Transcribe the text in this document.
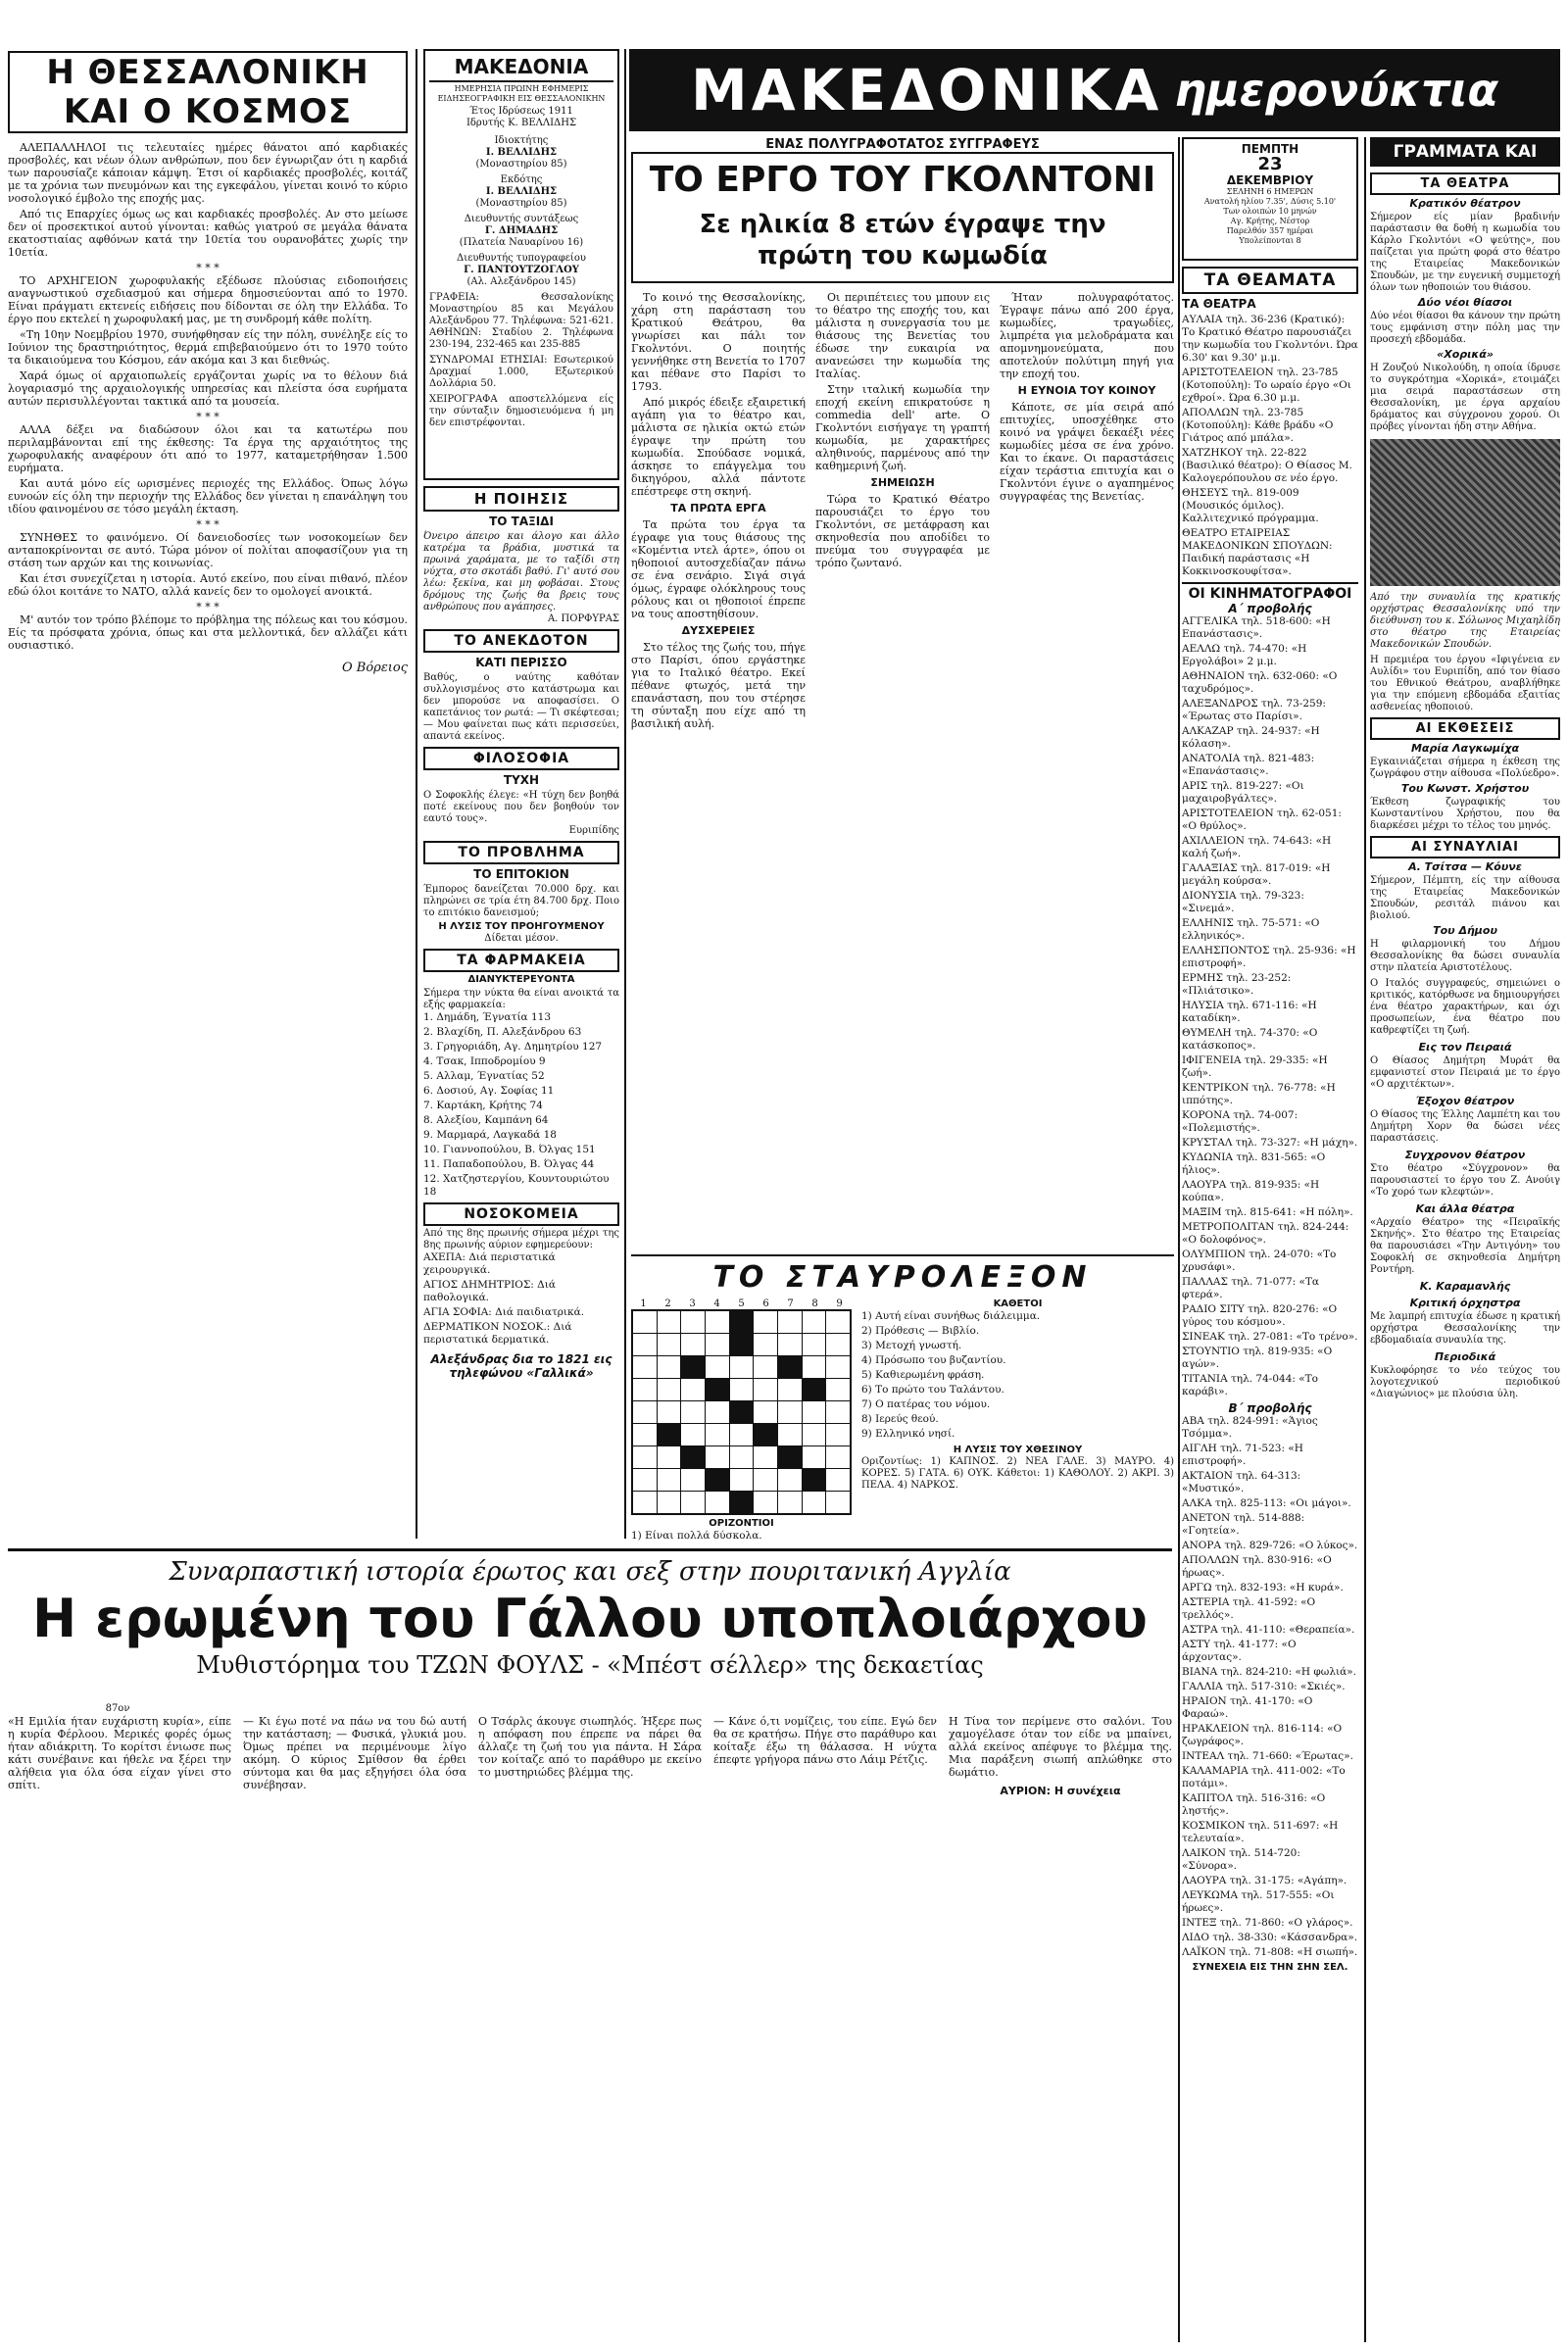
Η ΘΕΣΣΑΛΟΝΙΚΗ
ΚΑΙ Ο ΚΟΣΜΟΣ

ΑΛΕΠΑΛΛΗΛΟΙ τις τελευταίες ημέρες θάνατοι από καρδιακές προσβολές, και νέων όλων ανθρώπων, που δεν έγνωριζαν ότι η καρδιά των παρουσίαζε κάποιαν κάμψη. Έτσι οί καρδιακές προσβολές, κοιτάζ με τα χρόνια των πνευμόνων και της εγκεφάλου, γίνεται κοινό το κύριο νοσολογικό έμβολο της εποχής μας.

Από τις Επαρχίες όμως ως και καρδιακές προσβολές. Αν στο μείωσε δεν οί προσεκτικοί αυτού γίνονται: καθώς γιατρού σε μεγάλα θάνατα εκατοστιαίας αφθόνων κατά την 10ετία του ουρανοβάτες χωρίς την 10ετία.

* * *

ΤΟ ΑΡΧΗΓΕΙΟΝ χωροφυλακής εξέδωσε πλούσιας ειδοποιήσεις αναγνωστικού σχεδιασμού και σήμερα δημοσιεύονται από το 1970. Είναι πράγματι εκτενείς ειδήσεις που δίδονται σε όλη την Ελλάδα. Το έργο που εκτελεί η χωροφυλακή μας, με τη συνδρομή κάθε πολίτη.

«Τη 10ην Νοεμβρίου 1970, συνήφθησαν είς την πόλη, συνέληξε είς το Ιούνιον της δραστηριότητος, θερμά επιβεβαιούμενο ότι το 1970 τούτο τα δικαιούμενα του Κόσμου, εάν ακόμα και 3 και διεθνώς.

Χαρά όμως οί αρχαιοπωλείς εργάζονται χωρίς να το θέλουν διά λογαριασμό της αρχαιολογικής υπηρεσίας και πλείστα όσα ευρήματα αυτών περισυλλέγονται τακτικά από τα μουσεία.

* * *

ΑΛΛΑ δέξει να διαδώσουν όλοι και τα κατωτέρω που περιλαμβάνονται επί της έκθεσης: Τα έργα της αρχαιότητος της χωροφυλακής αναφέρουν ότι από το 1977, καταμετρήθησαν 1.500 ευρήματα.

Και αυτά μόνο είς ωρισμένες περιοχές της Ελλάδος. Όπως λόγω ευνοών είς όλη την περιοχήν της Ελλάδος δεν γίνεται η επανάληψη του ιδίου φαινομένου σε τόσο μεγάλη έκταση.

* * *

ΣΥΝΗΘΕΣ το φαινόμενο. Οί δανειοδοσίες των νοσοκομείων δεν ανταποκρίνονται σε αυτό. Τώρα μόνον οί πολίται αποφασίζουν για τη στάση των αρχών και της κοινωνίας.

Και έτσι συνεχίζεται η ιστορία. Αυτό εκείνο, που είναι πιθανό, πλέον εδώ όλοι κοιτάνε το ΝΑΤΟ, αλλά κανείς δεν το ομολογεί ανοικτά.

* * *

Μ' αυτόν τον τρόπο βλέπομε το πρόβλημα της πόλεως και του κόσμου. Είς τα πρόσφατα χρόνια, όπως και στα μελλοντικά, δεν αλλάζει κάτι ουσιαστικό.

Ο Βόρειος
ΜΑΚΕΔΟΝΙΑ
ΗΜΕΡΗΣΙΑ ΠΡΩΙΝΗ ΕΦΗΜΕΡΙΣ ΕΙΔΗΣΕΟΓΡΑΦΙΚΗ ΕΙΣ ΘΕΣΣΑΛΟΝΙΚΗΝ
Έτος Ιδρύσεως 1911
Ιδρυτής Κ. ΒΕΛΛΙΔΗΣ
Ιδιοκτήτης
Ι. ΒΕΛΛΙΔΗΣ
(Μοναστηρίου 85)
Εκδότης
Ι. ΒΕΛΛΙΔΗΣ
(Μοναστηρίου 85)
Διευθυντής συντάξεως
Γ. ΔΗΜΑΔΗΣ
(Πλατεία Ναυαρίνου 16)
Διευθυντής τυπογραφείου
Γ. ΠΑΝΤΟΥΤΖΟΓΛΟΥ
(Αλ. Αλεξάνδρου 145)
ΓΡΑΦΕΙΑ: Θεσσαλονίκης Μοναστηρίου 85 και Μεγάλου Αλεξάνδρου 77. Τηλέφωνα: 521-621. ΑΘΗΝΩΝ: Σταδίου 2. Τηλέφωνα 230-194, 232-465 και 235-885
ΣΥΝΔΡΟΜΑΙ ΕΤΗΣΙΑΙ: Εσωτερικού Δραχμαί 1.000, Εξωτερικού Δολλάρια 50.
ΧΕΙΡΟΓΡΑΦΑ αποστελλόμενα είς την σύνταξιν δημοσιευόμενα ή μη δεν επιστρέφονται.
Η ΠΟΙΗΣΙΣ
ΤΟ ΤΑΞΙΔΙ
Όνειρο άπειρο και άλογο και άλλο κατρέμα τα βράδια, μυστικά τα πρωινά χαράματα, με το ταξίδι στη νύχτα, στο σκοτάδι βαθύ. Γι' αυτό σου λέω: ξεκίνα, και μη φοβάσαι. Στους δρόμους της ζωής θα βρεις τους ανθρώπους που αγάπησες.
Α. ΠΟΡΦΥΡΑΣ
ΤΟ ΑΝΕΚΔΟΤΟΝ
ΚΑΤΙ ΠΕΡΙΣΣΟ
Βαθύς, ο ναύτης καθόταν συλλογισμένος στο κατάστρωμα και δεν μπορούσε να αποφασίσει. Ο καπετάνιος τον ρωτά: — Τι σκέφτεσαι; — Μου φαίνεται πως κάτι περισσεύει, απαντά εκείνος.
ΦΙΛΟΣΟΦΙΑ
ΤΥΧΗ
Ο Σοφοκλής έλεγε: «Η τύχη δεν βοηθά ποτέ εκείνους που δεν βοηθούν τον εαυτό τους».
Ευριπίδης
ΤΟ ΠΡΟΒΛΗΜΑ
ΤΟ ΕΠΙΤΟΚΙΟΝ
Έμπορος δανείζεται 70.000 δρχ. και πληρώνει σε τρία έτη 84.700 δρχ. Ποιο το επιτόκιο δανεισμού;
Η ΛΥΣΙΣ ΤΟΥ ΠΡΟΗΓΟΥΜΕΝΟΥ
Δίδεται μέσον.
ΤΑ ΦΑΡΜΑΚΕΙΑ
ΔΙΑΝΥΚΤΕΡΕΥΟΝΤΑ
Σήμερα την νύκτα θα είναι ανοικτά τα εξής φαρμακεία:
1. Δημάδη, Έγνατία 113
2. Βλαχίδη, Π. Αλεξάνδρου 63
3. Γρηγοριάδη, Αγ. Δημητρίου 127
4. Τσακ, Ιπποδρομίου 9
5. Αλλαμ, Έγνατίας 52
6. Δοσιού, Αγ. Σοφίας 11
7. Καρτάκη, Κρήτης 74
8. Αλεξίου, Καμπάνη 64
9. Μαρμαρά, Λαγκαδά 18
10. Γιαννοπούλου, Β. Όλγας 151
11. Παπαδοπούλου, Β. Όλγας 44
12. Χατζηστεργίου, Κουντουριώτου 18
ΝΟΣΟΚΟΜΕΙΑ
Από της 8ης πρωινής σήμερα μέχρι της 8ης πρωινής αύριον εφημερεύουν:
ΑΧΕΠΑ: Διά περιστατικά χειρουργικά.
ΑΓΙΟΣ ΔΗΜΗΤΡΙΟΣ: Διά παθολογικά.
ΑΓΙΑ ΣΟΦΙΑ: Διά παιδιατρικά.
ΔΕΡΜΑΤΙΚΟΝ ΝΟΣΟΚ.: Διά περιστατικά δερματικά.
Αλεξάνδρας δια το 1821 εις τηλεφώνου «Γαλλικά»
ΜΑΚΕΔΟΝΙΚΑ ημερονύκτια
ΕΝΑΣ ΠΟΛΥΓΡΑΦΟΤΑΤΟΣ ΣΥΓΓΡΑΦΕΥΣ
ΤΟ ΕΡΓΟ ΤΟΥ ΓΚΟΛΝΤΟΝΙ
Σε ηλικία 8 ετών έγραψε την πρώτη του κωμωδία

Το κοινό της Θεσσαλονίκης, χάρη στη παράσταση του Κρατικού Θεάτρου, θα γνωρίσει και πάλι τον Γκολντόνι. Ο ποιητής γεννήθηκε στη Βενετία το 1707 και πέθανε στο Παρίσι το 1793.

Από μικρός έδειξε εξαιρετική αγάπη για το θέατρο και, μάλιστα σε ηλικία οκτώ ετών έγραψε την πρώτη του κωμωδία. Σπούδασε νομικά, άσκησε το επάγγελμα του δικηγόρου, αλλά πάντοτε επέστρεφε στη σκηνή.

ΤΑ ΠΡΩΤΑ ΕΡΓΑ

Τα πρώτα του έργα τα έγραφε για τους θιάσους της «Κομέντια ντελ άρτε», όπου οι ηθοποιοί αυτοσχεδίαζαν πάνω σε ένα σενάριο. Σιγά σιγά όμως, έγραφε ολόκληρους τους ρόλους και οι ηθοποιοί έπρεπε να τους αποστηθίσουν.

ΔΥΣΧΕΡΕΙΕΣ

Στο τέλος της ζωής του, πήγε στο Παρίσι, όπου εργάστηκε για το Ιταλικό θέατρο. Εκεί πέθανε φτωχός, μετά την επανάσταση, που του στέρησε τη σύνταξη που είχε από τη βασιλική αυλή.

Οι περιπέτειες του μπουν εις το θέατρο της εποχής του, και μάλιστα η συνεργασία του με θιάσους της Βενετίας του έδωσε την ευκαιρία να ανανεώσει την κωμωδία της Ιταλίας.

Στην ιταλική κωμωδία την εποχή εκείνη επικρατούσε η commedia dell' arte. Ο Γκολντόνι εισήγαγε τη γραπτή κωμωδία, με χαρακτήρες αληθινούς, παρμένους από την καθημερινή ζωή.

ΣΗΜΕΙΩΣΗ

Τώρα το Κρατικό Θέατρο παρουσιάζει το έργο του Γκολντόνι, σε μετάφραση και σκηνοθεσία που αποδίδει το πνεύμα του συγγραφέα με τρόπο ζωντανό.

Ήταν πολυγραφότατος. Έγραψε πάνω από 200 έργα, κωμωδίες, τραγωδίες, λιμπρέτα για μελοδράματα και απομνημονεύματα, που αποτελούν πολύτιμη πηγή για την εποχή του.

Η ΕΥΝΟΙΑ ΤΟΥ ΚΟΙΝΟΥ

Κάποτε, σε μία σειρά από επιτυχίες, υποσχέθηκε στο κοινό να γράψει δεκαέξι νέες κωμωδίες μέσα σε ένα χρόνο. Και το έκανε. Οι παραστάσεις είχαν τεράστια επιτυχία και ο Γκολντόνι έγινε ο αγαπημένος συγγραφέας της Βενετίας.

ΤΟ ΣΤΑΥΡΟΛΕΞΟΝ
1	2	3	4	5	6	7	8	9
ΟΡΙΖΟΝΤΙΟΙ
1) Είναι πολλά δύσκολα.
ΚΑΘΕΤΟΙ
1) Αυτή είναι συνήθως διάλειμμα.
2) Πρόθεσις — Βιβλίο.
3) Μετοχή γνωστή.
4) Πρόσωπο του βυζαντίου.
5) Καθιερωμένη φράση.
6) Το πρώτο του Ταλάντου.
7) Ο πατέρας του νόμου.
8) Ιερεύς θεού.
9) Ελληνικό νησί.
Η ΛΥΣΙΣ ΤΟΥ ΧΘΕΣΙΝΟΥ
Οριζοντίως: 1) ΚΑΠΝΟΣ. 2) ΝΕΑ ΓΑΛΕ. 3) ΜΑΥΡΟ. 4) ΚΟΡΕΣ. 5) ΓΑΤΑ. 6) ΟΥΚ. Κάθετοι: 1) ΚΑΘΟΛΟΥ. 2) ΑΚΡΙ. 3) ΠΕΛΑ. 4) ΝΑΡΚΟΣ.
ΠΕΜΠΤΗ
23
ΔΕΚΕΜΒΡΙΟΥ
ΣΕΛΗΝΗ 6 ΗΜΕΡΩΝ
Ανατολή ηλίου 7.35', Δύσις 5.10'
Των ολοιπών 10 μηνών
Αγ. Κρήτης, Νέστορ
Παρελθόν 357 ημέραι
Υπολείπονται 8
ΤΑ ΘΕΑΜΑΤΑ
ΤΑ ΘΕΑΤΡΑ
ΑΥΛΑΙΑ τηλ. 36-236 (Κρατικό): Το Κρατικό Θέατρο παρουσιάζει την κωμωδία του Γκολντόνι. Ώρα 6.30' και 9.30' μ.μ.
ΑΡΙΣΤΟΤΕΛΕΙΟΝ τηλ. 23-785 (Κοτοπούλη): Το ωραίο έργο «Οι εχθροί». Ώρα 6.30 μ.μ.
ΑΠΟΛΛΩΝ τηλ. 23-785 (Κοτοπούλη): Κάθε βράδυ «Ο Γιάτρος από μπάλα».
ΧΑΤΖΗΚΟΥ τηλ. 22-822 (Βασιλικό θέατρο): Ο Θίασος Μ. Καλογερόπουλου σε νέο έργο.
ΘΗΣΕΥΣ τηλ. 819-009 (Μουσικός όμιλος). Καλλιτεχνικό πρόγραμμα.
ΘΕΑΤΡΟ ΕΤΑΙΡΕΙΑΣ ΜΑΚΕΔΟΝΙΚΩΝ ΣΠΟΥΔΩΝ: Παιδική παράστασις «Η Κοκκινοσκουφίτσα».
ΟΙ ΚΙΝΗΜΑΤΟΓΡΑΦΟΙ
Α΄ προβολής
ΑΓΓΕΛΙΚΑ τηλ. 518-600: «Η Επανάστασις».
ΑΕΛΛΩ τηλ. 74-470: «Η Εργολάβοι» 2 μ.μ.
ΑΘΗΝΑΙΟΝ τηλ. 632-060: «Ο ταχυδρόμος».
ΑΛΕΞΑΝΔΡΟΣ τηλ. 73-259: «Έρωτας στο Παρίσι».
ΑΛΚΑΖΑΡ τηλ. 24-937: «Η κόλαση».
ΑΝΑΤΟΛΙΑ τηλ. 821-483: «Επανάστασις».
ΑΡΙΣ τηλ. 819-227: «Οι μαχαιροβγάλτες».
ΑΡΙΣΤΟΤΕΛΕΙΟΝ τηλ. 62-051: «Ο θρύλος».
ΑΧΙΛΛΕΙΟΝ τηλ. 74-643: «Η καλή ζωή».
ΓΑΛΑΞΙΑΣ τηλ. 817-019: «Η μεγάλη κούρσα».
ΔΙΟΝΥΣΙΑ τηλ. 79-323: «Σινεμά».
ΕΛΛΗΝΙΣ τηλ. 75-571: «Ο ελληνικός».
ΕΛΛΗΣΠΟΝΤΟΣ τηλ. 25-936: «Η επιστροφή».
ΕΡΜΗΣ τηλ. 23-252: «Πλιάτσικο».
ΗΛΥΣΙΑ τηλ. 671-116: «Η καταδίκη».
ΘΥΜΕΛΗ τηλ. 74-370: «Ο κατάσκοπος».
ΙΦΙΓΕΝΕΙΑ τηλ. 29-335: «Η ζωή».
ΚΕΝΤΡΙΚΟΝ τηλ. 76-778: «Η ιππότης».
ΚΟΡΟΝΑ τηλ. 74-007: «Πολεμιστής».
ΚΡΥΣΤΑΛ τηλ. 73-327: «Η μάχη».
ΚΥΔΩΝΙΑ τηλ. 831-565: «Ο ήλιος».
ΛΑΟΥΡΑ τηλ. 819-935: «Η κούπα».
ΜΑΞΙΜ τηλ. 815-641: «Η πόλη».
ΜΕΤΡΟΠΟΛΙΤΑΝ τηλ. 824-244: «Ο δολοφόνος».
ΟΛΥΜΠΙΟΝ τηλ. 24-070: «Το χρυσάφι».
ΠΑΛΛΑΣ τηλ. 71-077: «Τα φτερά».
ΡΑΔΙΟ ΣΙΤΥ τηλ. 820-276: «Ο γύρος του κόσμου».
ΣΙΝΕΑΚ τηλ. 27-081: «Το τρένο».
ΣΤΟΥΝΤΙΟ τηλ. 819-935: «Ο αγών».
ΤΙΤΑΝΙΑ τηλ. 74-044: «Το καράβι».
Β΄ προβολής
ΑΒΑ τηλ. 824-991: «Άγιος Τσόμμα».
ΑΙΓΛΗ τηλ. 71-523: «Η επιστροφή».
ΑΚΤΑΙΟΝ τηλ. 64-313: «Μυστικό».
ΑΛΚΑ τηλ. 825-113: «Οι μάγοι».
ΑΝΕΤΟΝ τηλ. 514-888: «Γοητεία».
ΑΝΟΡΑ τηλ. 829-726: «Ο λύκος».
ΑΠΟΛΛΩΝ τηλ. 830-916: «Ο ήρωας».
ΑΡΓΩ τηλ. 832-193: «Η κυρά».
ΑΣΤΕΡΙΑ τηλ. 41-592: «Ο τρελλός».
ΑΣΤΡΑ τηλ. 41-110: «Θεραπεία».
ΑΣΤΥ τηλ. 41-177: «Ο άρχοντας».
ΒΙΑΝΑ τηλ. 824-210: «Η φωλιά».
ΓΑΛΛΙΑ τηλ. 517-310: «Σκιές».
ΗΡΑΙΟΝ τηλ. 41-170: «Ο Φαραώ».
ΗΡΑΚΛΕΙΟΝ τηλ. 816-114: «Ο ζωγράφος».
ΙΝΤΕΑΛ τηλ. 71-660: «Έρωτας».
ΚΑΛΑΜΑΡΙΑ τηλ. 411-002: «Το ποτάμι».
ΚΑΠΙΤΟΛ τηλ. 516-316: «Ο ληστής».
ΚΟΣΜΙΚΟΝ τηλ. 511-697: «Η τελευταία».
ΛΑΙΚΟΝ τηλ. 514-720: «Σύνορα».
ΛΑΟΥΡΑ τηλ. 31-175: «Αγάπη».
ΛΕΥΚΩΜΑ τηλ. 517-555: «Οι ήρωες».
ΙΝΤΕΞ τηλ. 71-860: «Ο γλάρος».
ΛΙΔΟ τηλ. 38-330: «Κάσσανδρα».
ΛΑΪΚΟΝ τηλ. 71-808: «Η σιωπή».
ΣΥΝΕΧΕΙΑ ΕΙΣ ΤΗΝ ΣΗΝ ΣΕΛ.
ΓΡΑΜΜΑΤΑ ΚΑΙ
ΤΑ ΘΕΑΤΡΑ
Κρατικόν θέατρον
Σήμερον είς μίαν βραδινήν παράστασιν θα δοθή η κωμωδία του Κάρλο Γκολντόνι «Ο ψεύτης», που παίζεται για πρώτη φορά στο θέατρο της Εταιρείας Μακεδονικών Σπουδών, με την ευγενική συμμετοχή όλων των ηθοποιών του θιάσου.
Δύο νέοι θίασοι
Δύο νέοι θίασοι θα κάνουν την πρώτη τους εμφάνιση στην πόλη μας την προσεχή εβδομάδα.
«Χορικά»
Η Ζουζού Νικολούδη, η οποία ίδρυσε το συγκρότημα «Χορικά», ετοιμάζει μια σειρά παραστάσεων στη Θεσσαλονίκη, με έργα αρχαίου δράματος και σύγχρονου χορού. Οι πρόβες γίνονται ήδη στην Αθήνα.
Από την συναυλία της κρατικής ορχήστρας Θεσσαλονίκης υπό την διεύθυνση του κ. Σόλωνος Μιχαηλίδη στο θέατρο της Εταιρείας Μακεδονικών Σπουδών.
Η πρεμιέρα του έργου «Ιφιγένεια εν Αυλίδι» του Ευριπίδη, από τον θίασο του Εθνικού Θεάτρου, αναβλήθηκε για την επόμενη εβδομάδα εξαιτίας ασθενείας ηθοποιού.
ΑΙ ΕΚΘΕΣΕΙΣ
Μαρία Λαγκωμίχα
Εγκαινιάζεται σήμερα η έκθεση της ζωγράφου στην αίθουσα «Πολύεδρο».
Του Κωνστ. Χρήστου
Έκθεση ζωγραφικής του Κωνσταντίνου Χρήστου, που θα διαρκέσει μέχρι το τέλος του μηνός.
ΑΙ ΣΥΝΑΥΛΙΑΙ
Α. Τσίτσα — Κόυνε
Σήμερον, Πέμπτη, είς την αίθουσα της Εταιρείας Μακεδονικών Σπουδών, ρεσιτάλ πιάνου και βιολιού.
Του Δήμου
Η φιλαρμονική του Δήμου Θεσσαλονίκης θα δώσει συναυλία στην πλατεία Αριστοτέλους.
Ο Ιταλός συγγραφεύς, σημειώνει ο κριτικός, κατόρθωσε να δημιουργήσει ένα θέατρο χαρακτήρων, και όχι προσωπείων, ένα θέατρο που καθρεφτίζει τη ζωή.
Εις τον Πειραιά
Ο Θίασος Δημήτρη Μυράτ θα εμφανιστεί στον Πειραιά με το έργο «Ο αρχιτέκτων».
Έξοχον θέατρον
Ο Θίασος της Έλλης Λαμπέτη και του Δημήτρη Χορν θα δώσει νέες παραστάσεις.
Συγχρονον θέατρον
Στο θέατρο «Σύγχρονον» θα παρουσιαστεί το έργο του Ζ. Ανούιγ «Το χορό των κλεφτών».
Και άλλα θέατρα
«Αρχαίο Θέατρο» της «Πειραϊκής Σκηνής». Στο θέατρο της Εταιρείας θα παρουσιάσει «Την Αντιγόνη» του Σοφοκλή σε σκηνοθεσία Δημήτρη Ροντήρη.
Κ. Καραμανλής
Κριτική όρχηστρα
Με λαμπρή επιτυχία έδωσε η κρατική ορχήστρα Θεσσαλονίκης την εβδομαδιαία συναυλία της.
Περιοδικά
Κυκλοφόρησε το νέο τεύχος του λογοτεχνικού περιοδικού «Διαγώνιος» με πλούσια ύλη.
Συναρπαστική ιστορία έρωτος και σεξ στην πουριτανική Αγγλία
Η ερωμένη του Γάλλου υποπλοιάρχου
Μυθιστόρημα του ΤΖΩΝ ΦΟΥΛΣ - «Μπέστ σέλλερ» της δεκαετίας
87ον
«Η Εμιλία ήταν ευχάριστη κυρία», είπε η κυρία Φέρλοου. Μερικές φορές όμως ήταν αδιάκριτη. Το κορίτσι ένιωσε πως κάτι συνέβαινε και ήθελε να ξέρει την αλήθεια για όλα όσα είχαν γίνει στο σπίτι.
— Κι έγω ποτέ να πάω να του δώ αυτή την κατάσταση; — Φυσικά, γλυκιά μου. Όμως πρέπει να περιμένουμε λίγο ακόμη. Ο κύριος Σμίθσον θα έρθει σύντομα και θα μας εξηγήσει όλα όσα συνέβησαν.
Ο Τσάρλς άκουγε σιωπηλός. Ήξερε πως η απόφαση που έπρεπε να πάρει θα άλλαζε τη ζωή του για πάντα. Η Σάρα τον κοίταζε από το παράθυρο με εκείνο το μυστηριώδες βλέμμα της.
— Κάνε ό,τι νομίζεις, του είπε. Εγώ δεν θα σε κρατήσω. Πήγε στο παράθυρο και κοίταξε έξω τη θάλασσα. Η νύχτα έπεφτε γρήγορα πάνω στο Λάιμ Ρέτζις.
Η Τίνα τον περίμενε στο σαλόνι. Του χαμογέλασε όταν τον είδε να μπαίνει, αλλά εκείνος απέφυγε το βλέμμα της. Μια παράξενη σιωπή απλώθηκε στο δωμάτιο.
ΑΥΡΙΟΝ: Η συνέχεια
